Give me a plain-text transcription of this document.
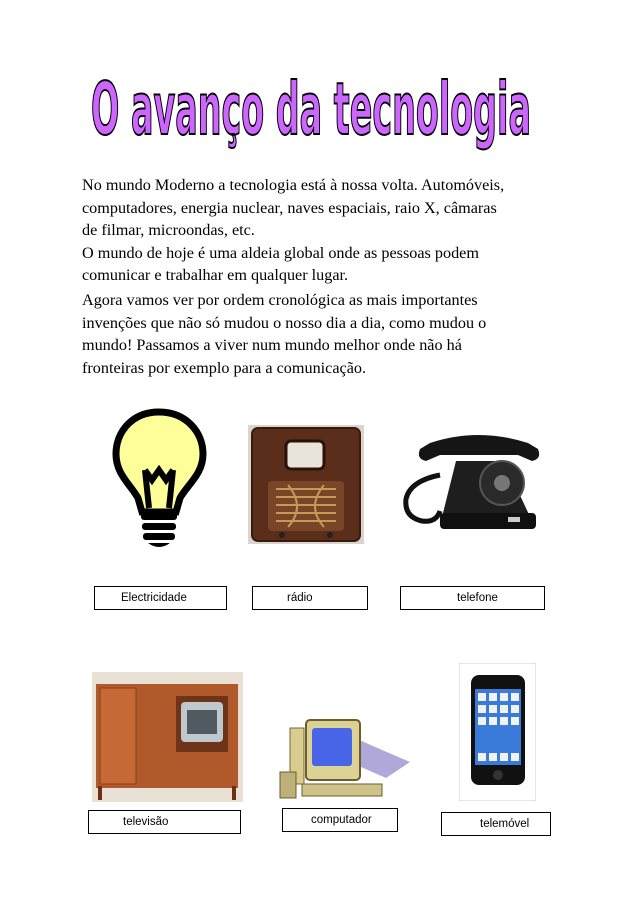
O avanço da tecnologia

No mundo Moderno a tecnologia está à nossa volta. Automóveis,
computadores, energia nuclear, naves espaciais, raio X, câmaras
de filmar, microondas, etc.
O mundo de hoje é uma aldeia global onde as pessoas podem
comunicar e trabalhar em qualquer lugar.

Agora vamos ver por ordem cronológica as mais importantes
invenções que não só mudou o nosso dia a dia, como mudou o
mundo! Passamos a viver num mundo melhor onde não há
fronteiras por exemplo para a comunicação.

Electricidade	rádio	telefone
televisão	computador	telemóvel
